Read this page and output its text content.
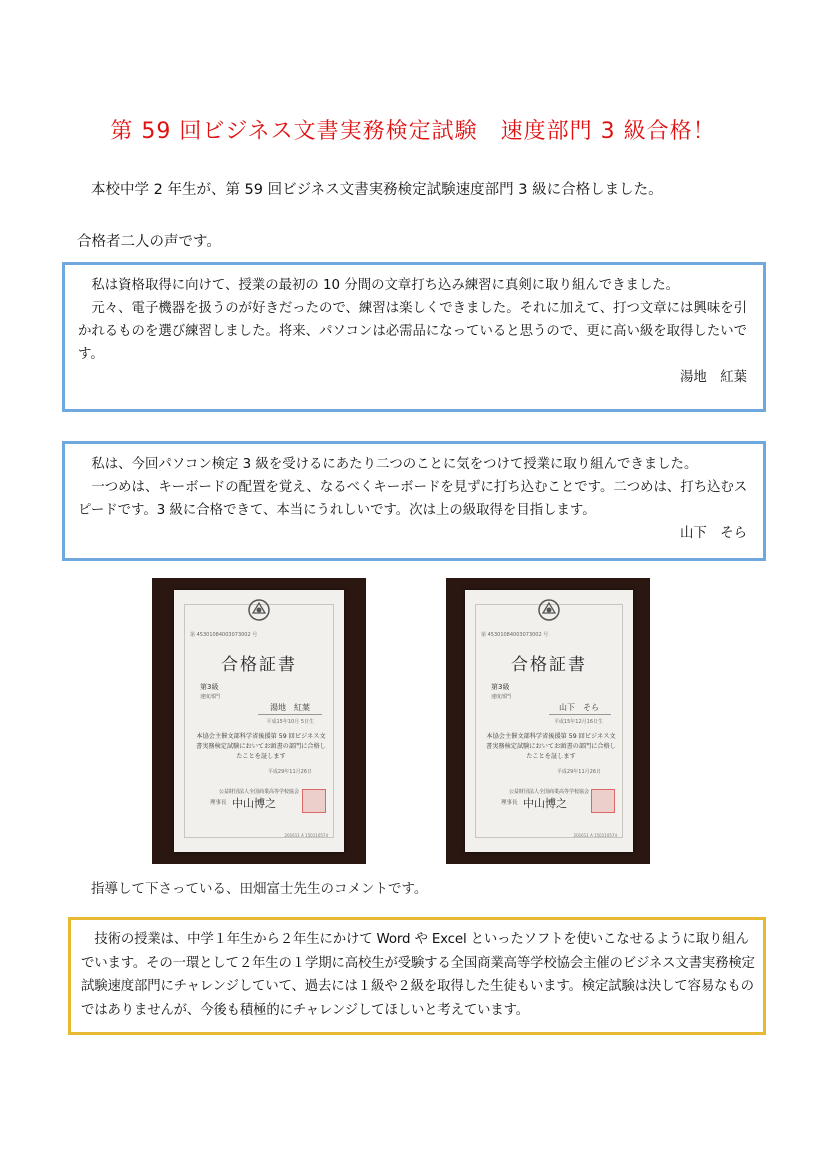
第 59 回ビジネス文書実務検定試験　速度部門 3 級合格！
本校中学 2 年生が、第 59 回ビジネス文書実務検定試験速度部門 3 級に合格しました。
合格者二人の声です。

私は資格取得に向けて、授業の最初の 10 分間の文章打ち込み練習に真剣に取り組んできました。

元々、電子機器を扱うのが好きだったので、練習は楽しくできました。それに加えて、打つ文章には興味を引かれるものを選び練習しました。将来、パソコンは必需品になっていると思うので、更に高い級を取得したいです。

湯地　紅葉

私は、今回パソコン検定 3 級を受けるにあたり二つのことに気をつけて授業に取り組んできました。

一つめは、キーボードの配置を覚え、なるべくキーボードを見ずに打ち込むことです。二つめは、打ち込むスピードです。3 級に合格できて、本当にうれしいです。次は上の級取得を目指します。

山下　そら
第 45301084003073002 号
合格証書
第3級
速度部門
湯地　紅葉
平成15年10月 5日生
本協会主催文部科学省後援第 59 回ビジネス文書実務検定試験においてお頭書の部門に合格したことを証します
平成29年11月26日
公益財団法人全国商業高等学校協会
理事長 中山博之
201611 A 150110574
第 45301084003073002 号
合格証書
第3級
速度部門
山下　そら
平成15年12月16日生
本協会主催文部科学省後援第 59 回ビジネス文書実務検定試験においてお頭書の部門に合格したことを証します
平成29年11月26日
公益財団法人全国商業高等学校協会
理事長 中山博之
201611 A 150110574
指導して下さっている、田畑富士先生のコメントです。

技術の授業は、中学１年生から２年生にかけて Word や Excel といったソフトを使いこなせるように取り組んでいます。その一環として２年生の１学期に高校生が受験する全国商業高等学校協会主催のビジネス文書実務検定試験速度部門にチャレンジしていて、過去には１級や２級を取得した生徒もいます。検定試験は決して容易なものではありませんが、今後も積極的にチャレンジしてほしいと考えています。
